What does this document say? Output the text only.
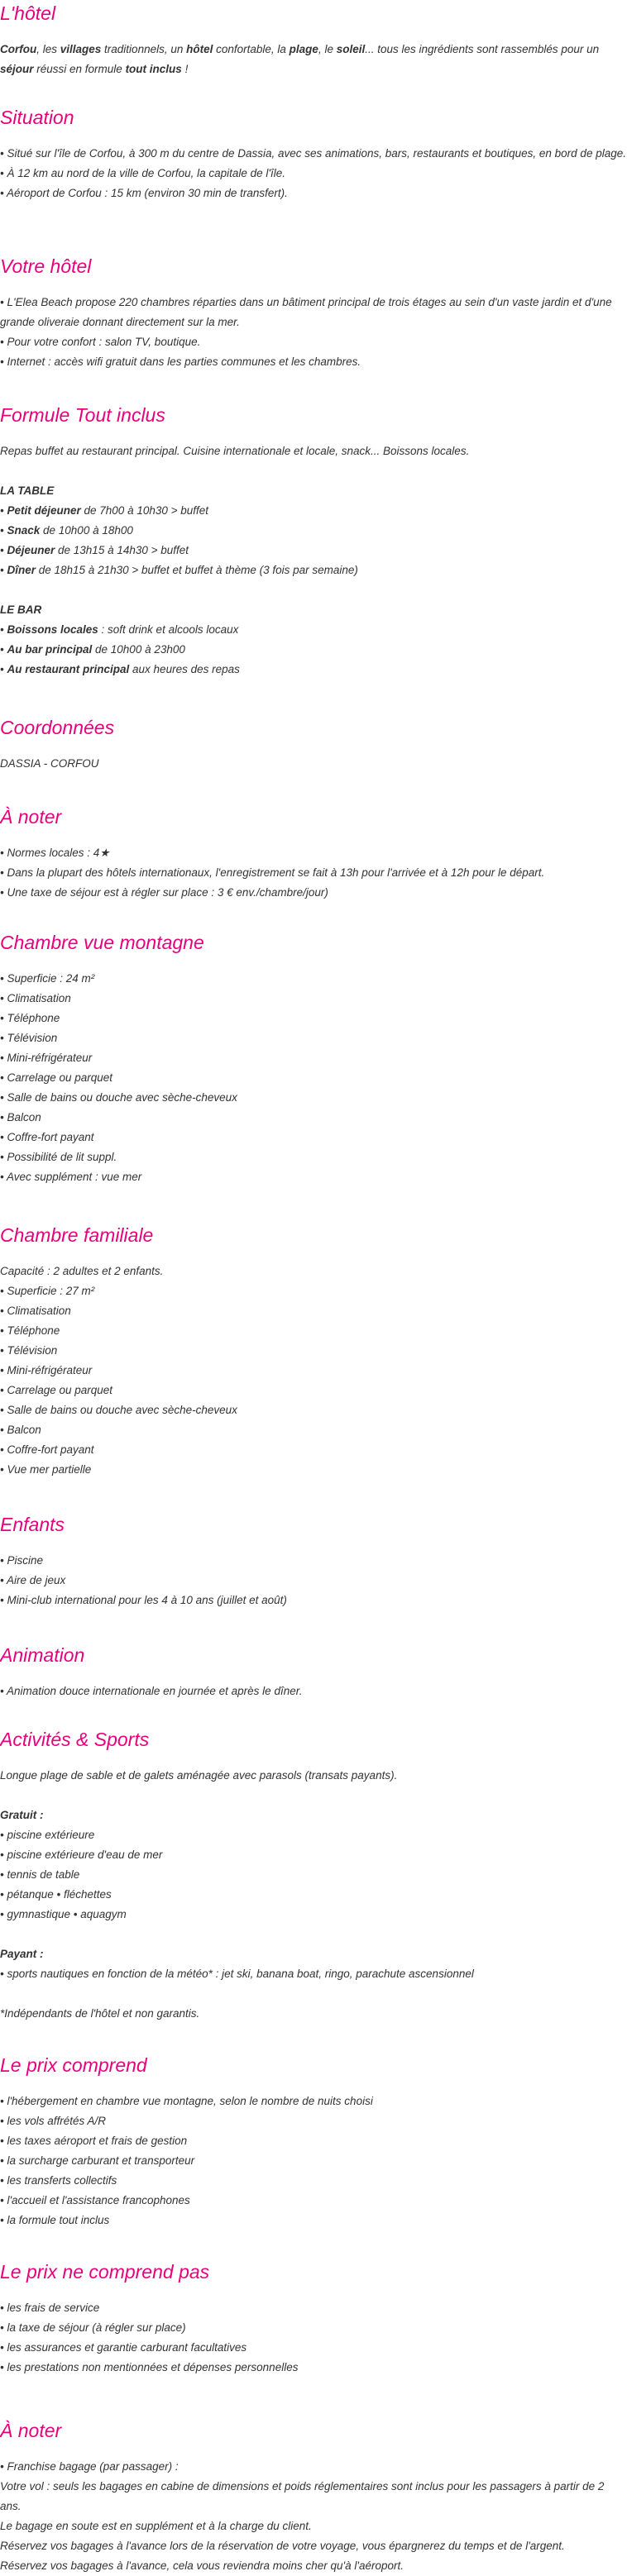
L'hôtel

Corfou, les villages traditionnels, un hôtel confortable, la plage, le soleil... tous les ingrédients sont rassemblés pour un séjour réussi en formule tout inclus !

Situation

• Situé sur l'île de Corfou, à 300 m du centre de Dassia, avec ses animations, bars, restaurants et boutiques, en bord de plage.

• À 12 km au nord de la ville de Corfou, la capitale de l'île.

• Aéroport de Corfou : 15 km (environ 30 min de transfert).

Votre hôtel

• L'Elea Beach propose 220 chambres réparties dans un bâtiment principal de trois étages au sein d'un vaste jardin et d'une grande oliveraie donnant directement sur la mer.

• Pour votre confort : salon TV, boutique.

• Internet : accès wifi gratuit dans les parties communes et les chambres.

Formule Tout inclus

Repas buffet au restaurant principal. Cuisine internationale et locale, snack... Boissons locales.

LA TABLE

• Petit déjeuner de 7h00 à 10h30 > buffet

• Snack de 10h00 à 18h00

• Déjeuner de 13h15 à 14h30 > buffet

• Dîner de 18h15 à 21h30 > buffet et buffet à thème (3 fois par semaine)

LE BAR

• Boissons locales : soft drink et alcools locaux

• Au bar principal de 10h00 à 23h00

• Au restaurant principal aux heures des repas

Coordonnées

DASSIA - CORFOU

À noter

• Normes locales : 4★

• Dans la plupart des hôtels internationaux, l'enregistrement se fait à 13h pour l'arrivée et à 12h pour le départ.

• Une taxe de séjour est à régler sur place : 3 € env./chambre/jour)

Chambre vue montagne

• Superficie : 24 m²

• Climatisation

• Téléphone

• Télévision

• Mini-réfrigérateur

• Carrelage ou parquet

• Salle de bains ou douche avec sèche-cheveux

• Balcon

• Coffre-fort payant

• Possibilité de lit suppl.

• Avec supplément : vue mer

Chambre familiale

Capacité : 2 adultes et 2 enfants.

• Superficie : 27 m²

• Climatisation

• Téléphone

• Télévision

• Mini-réfrigérateur

• Carrelage ou parquet

• Salle de bains ou douche avec sèche-cheveux

• Balcon

• Coffre-fort payant

• Vue mer partielle

Enfants

• Piscine

• Aire de jeux

• Mini-club international pour les 4 à 10 ans (juillet et août)

Animation

• Animation douce internationale en journée et après le dîner.

Activités & Sports

Longue plage de sable et de galets aménagée avec parasols (transats payants).

Gratuit :

• piscine extérieure

• piscine extérieure d'eau de mer

• tennis de table

• pétanque • fléchettes

• gymnastique • aquagym

Payant :

• sports nautiques en fonction de la météo* : jet ski, banana boat, ringo, parachute ascensionnel

*Indépendants de l'hôtel et non garantis.

Le prix comprend

• l'hébergement en chambre vue montagne, selon le nombre de nuits choisi

• les vols affrétés A/R

• les taxes aéroport et frais de gestion

• la surcharge carburant et transporteur

• les transferts collectifs

• l'accueil et l'assistance francophones

• la formule tout inclus

Le prix ne comprend pas

• les frais de service

• la taxe de séjour (à régler sur place)

• les assurances et garantie carburant facultatives

• les prestations non mentionnées et dépenses personnelles

À noter

• Franchise bagage (par passager) :

Votre vol : seuls les bagages en cabine de dimensions et poids réglementaires sont inclus pour les passagers à partir de 2 ans.

Le bagage en soute est en supplément et à la charge du client.

Réservez vos bagages à l'avance lors de la réservation de votre voyage, vous épargnerez du temps et de l'argent.

Réservez vos bagages à l'avance, cela vous reviendra moins cher qu'à l'aéroport.
